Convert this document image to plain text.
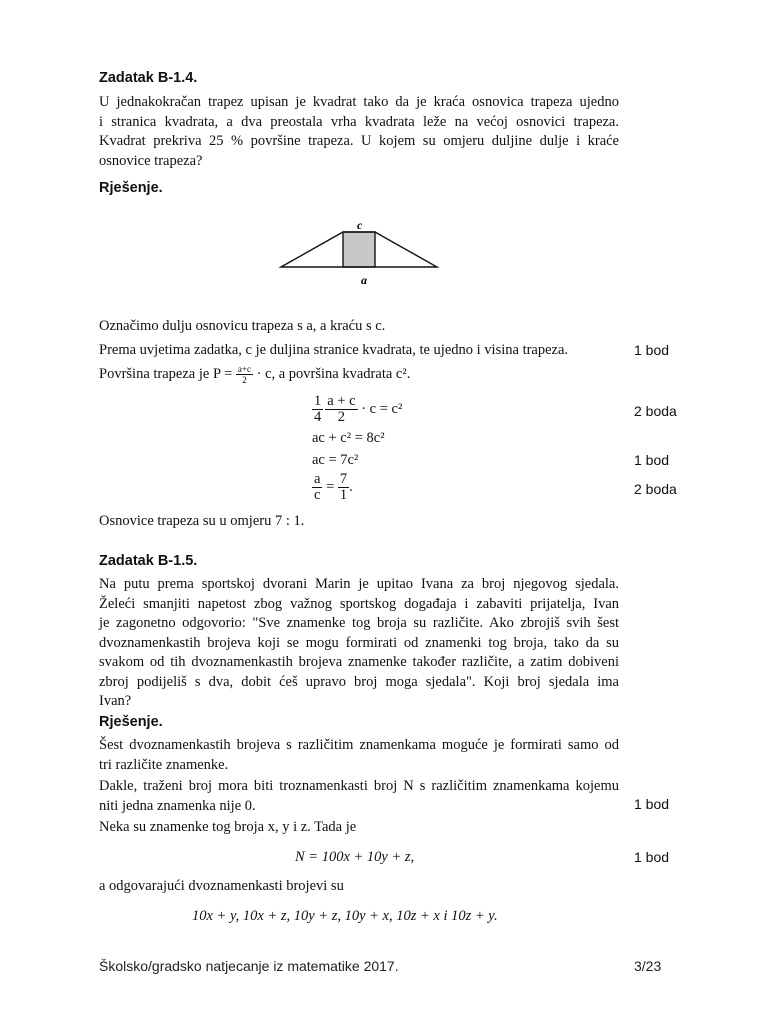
Zadatak B-1.4.
U jednakokračan trapez upisan je kvadrat tako da je kraća osnovica trapeza ujedno
i stranica kvadrata, a dva preostala vrha kvadrata leže na većoj osnovici trapeza.
Kvadrat prekriva 25 % površine trapeza. U kojem su omjeru duljine dulje i kraće
osnovice trapeza?
Rješenje.
c
a
Označimo dulju osnovicu trapeza s a, a kraću s c.
Prema uvjetima zadatka, c je duljina stranice kvadrata, te ujedno i visina trapeza.	1 bod
Površina trapeza je $P = \frac{a+c}{2} \cdot c$, a površina kvadrata c².
$\frac{1}{4} \frac{a + c}{2} \cdot c = c^2$	2 boda
ac + c² = 8c²
ac = 7c²	1 bod
$\frac{a}{c} = \frac{7}{1}$ .	2 boda
Osnovice trapeza su u omjeru 7 : 1.
Zadatak B-1.5.
Na putu prema sportskoj dvorani Marin je upitao Ivana za broj njegovog sjedala.
Želeći smanjiti napetost zbog važnog sportskog događaja i zabaviti prijatelja, Ivan
je zagonetno odgovorio: "Sve znamenke tog broja su različite. Ako zbrojiš svih šest
dvoznamenkastih brojeva koji se mogu formirati od znamenki tog broja, tako da su
svakom od tih dvoznamenkastih brojeva znamenke također različite, a zatim dobiveni
zbroj podijeliš s dva, dobit ćeš upravo broj moga sjedala". Koji broj sjedala ima
Ivan?
Rješenje.
Šest dvoznamenkastih brojeva s različitim znamenkama moguće je formirati samo od
tri različite znamenke.
Dakle, traženi broj mora biti troznamenkasti broj N s različitim znamenkama kojemu
niti jedna znamenka nije 0.	1 bod
Neka su znamenke tog broja x, y i z. Tada je
N = 100x + 10y + z,	1 bod
a odgovarajući dvoznamenkasti brojevi su
10x + y, 10x + z, 10y + z, 10y + x, 10z + x i 10z + y.
Školsko/gradsko natjecanje iz matematike 2017.	3/23
